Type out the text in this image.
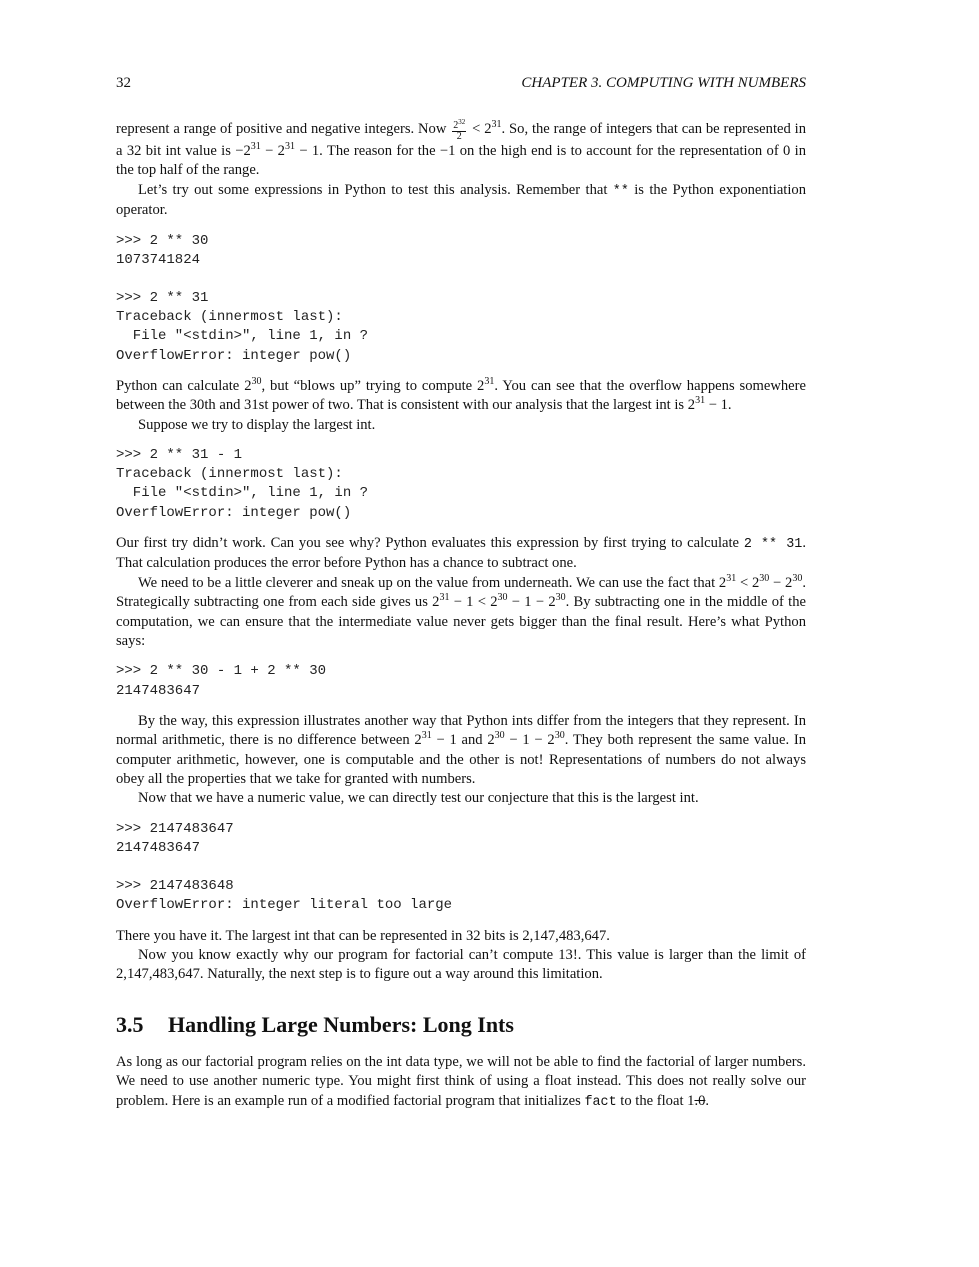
32	CHAPTER 3. COMPUTING WITH NUMBERS

represent a range of positive and negative integers. Now $\frac{2^{32}}{2} < 2^{31}$. So, the range of integers that can be represented in a 32 bit int value is $-2^{31} - 2^{31} - 1$. The reason for the −1 on the high end is to account for the representation of 0 in the top half of the range.

Let’s try out some expressions in Python to test this analysis. Remember that ** is the Python exponentiation operator.

>>> 2 ** 30
1073741824
>>> 2 ** 31
Traceback (innermost last):
File "<stdin>", line 1, in ?
OverflowError: integer pow()

Python can calculate $2^{30}$, but “blows up” trying to compute $2^{31}$. You can see that the overflow happens somewhere between the 30th and 31st power of two. That is consistent with our analysis that the largest int is $2^{31} - 1$.

Suppose we try to display the largest int.

>>> 2 ** 31 - 1
Traceback (innermost last):
File "<stdin>", line 1, in ?
OverflowError: integer pow()

Our first try didn’t work. Can you see why? Python evaluates this expression by first trying to calculate 2 ** 31. That calculation produces the error before Python has a chance to subtract one.

We need to be a little cleverer and sneak up on the value from underneath. We can use the fact that $2^{31} < 2^{30} - 2^{30}$. Strategically subtracting one from each side gives us $2^{31} - 1 < 2^{30} - 1 - 2^{30}$. By subtracting one in the middle of the computation, we can ensure that the intermediate value never gets bigger than the final result. Here’s what Python says:

>>> 2 ** 30 - 1 + 2 ** 30
2147483647

By the way, this expression illustrates another way that Python ints differ from the integers that they represent. In normal arithmetic, there is no difference between $2^{31} - 1$ and $2^{30} - 1 - 2^{30}$. They both represent the same value. In computer arithmetic, however, one is computable and the other is not! Representations of numbers do not always obey all the properties that we take for granted with numbers.

Now that we have a numeric value, we can directly test our conjecture that this is the largest int.

>>> 2147483647
2147483647
>>> 2147483648
OverflowError: integer literal too large

There you have it. The largest int that can be represented in 32 bits is 2,147,483,647.

Now you know exactly why our program for factorial can’t compute 13!. This value is larger than the limit of 2,147,483,647. Naturally, the next step is to figure out a way around this limitation.

3.5 Handling Large Numbers: Long Ints

As long as our factorial program relies on the int data type, we will not be able to find the factorial of larger numbers. We need to use another numeric type. You might first think of using a float instead. This does not really solve our problem. Here is an example run of a modified factorial program that initializes fact to the float 1.0.
